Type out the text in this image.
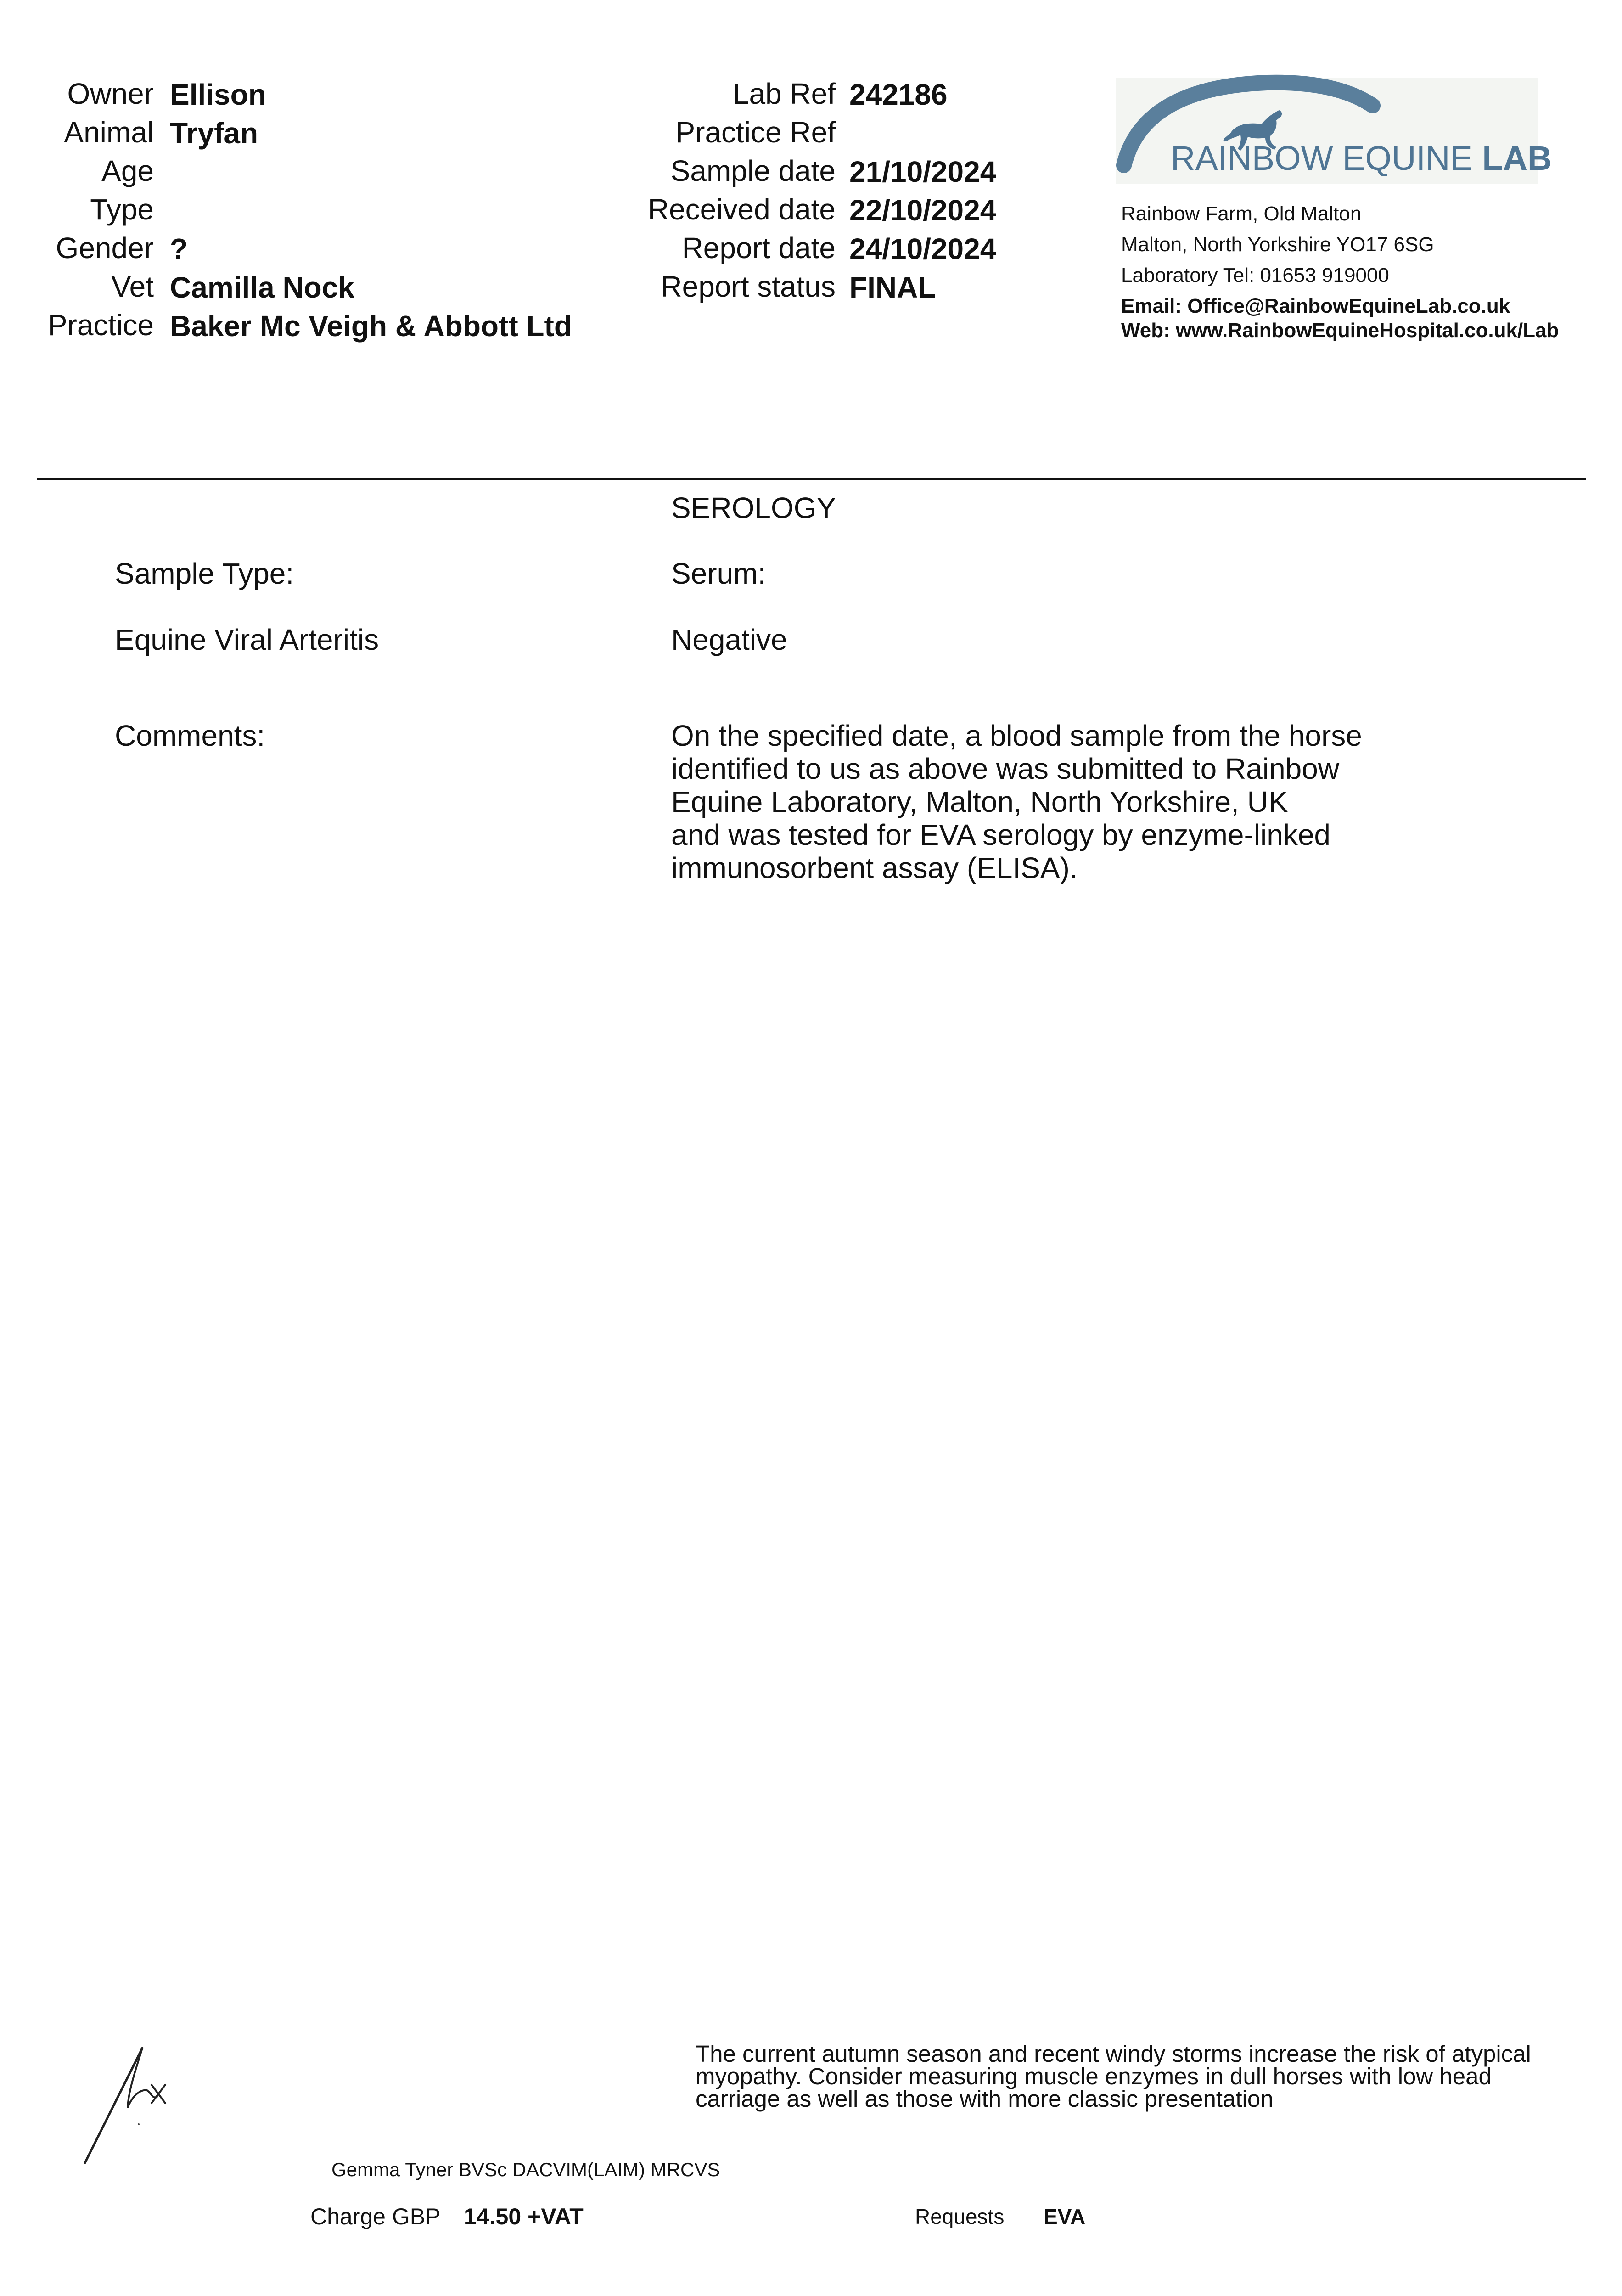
Owner Ellison
Animal Tryfan
Age
Type
Gender ?
Vet Camilla Nock
Practice Baker Mc Veigh & Abbott Ltd
Lab Ref 242186
Practice Ref
Sample date 21/10/2024
Received date 22/10/2024
Report date 24/10/2024
Report status FINAL
RAINBOW EQUINE LAB
Rainbow Farm, Old Malton
Malton, North Yorkshire YO17 6SG
Laboratory Tel: 01653 919000
Email: Office@RainbowEquineLab.co.uk
Web: www.RainbowEquineHospital.co.uk/Lab
SEROLOGY
Sample Type:	Serum:
Equine Viral Arteritis	Negative
Comments:	On the specified date, a blood sample from the horse
identified to us as above was submitted to Rainbow
Equine Laboratory, Malton, North Yorkshire, UK
and was tested for EVA serology by enzyme-linked
immunosorbent assay (ELISA).
The current autumn season and recent windy storms increase the risk of atypical
myopathy. Consider measuring muscle enzymes in dull horses with low head
carriage as well as those with more classic presentation
Gemma Tyner BVSc DACVIM(LAIM) MRCVS
Charge GBP 14.50 +VAT	Requests EVA
